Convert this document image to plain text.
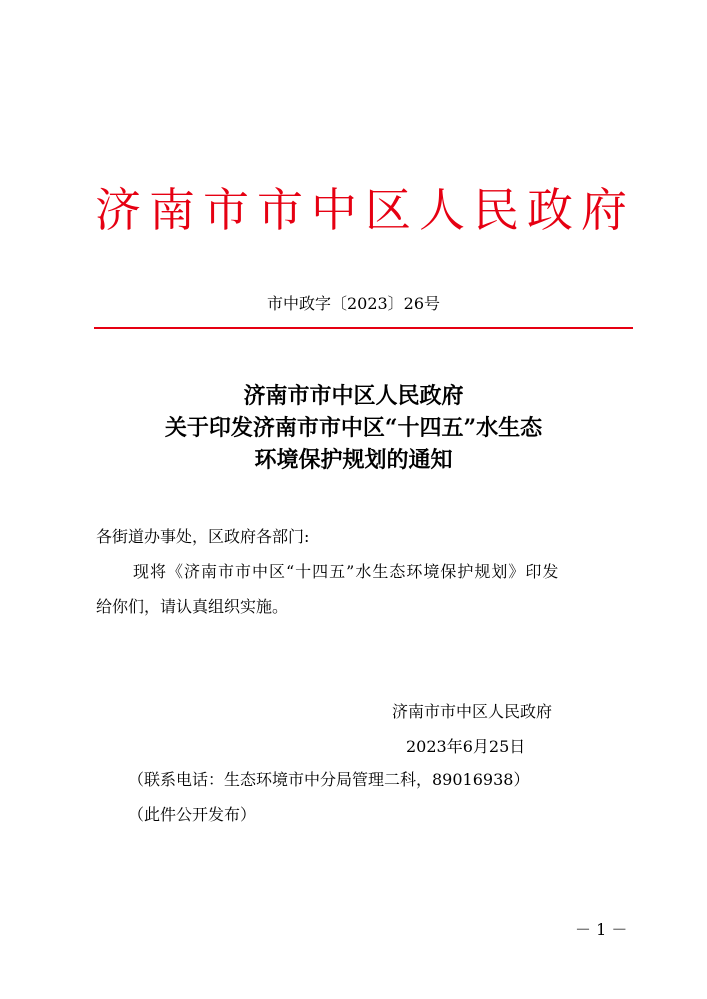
济南市市中区人民政府
市中政字〔2023〕26号
济南市市中区人民政府
关于印发济南市市中区“十四五”水生态
环境保护规划的通知
各街道办事处，区政府各部门:
现将《济南市市中区“十四五”水生态环境保护规划》印发
给你们，请认真组织实施。
济南市市中区人民政府
2023年6月25日
（联系电话：生态环境市中分局管理二科，89016938）
（此件公开发布）
－ 1 －
